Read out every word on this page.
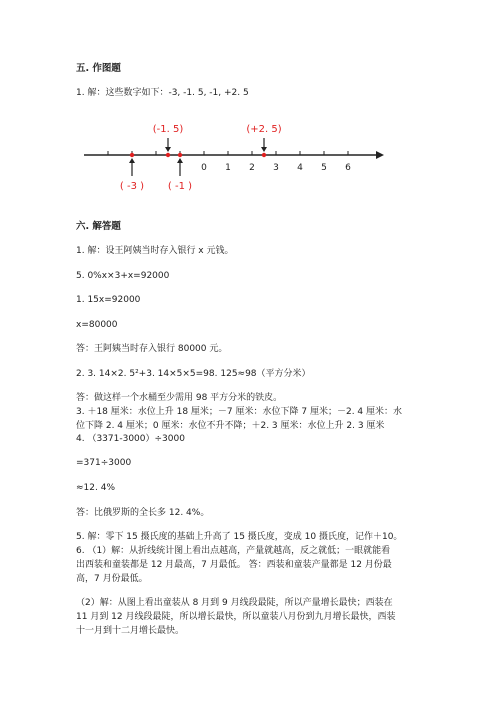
五. 作图题
1. 解：这些数字如下：-3, -1. 5, -1, +2. 5
0 1 2 3 4 5 6
(-1. 5)	(+2. 5)
( -3 ) ( -1 )
六. 解答题
1. 解：设王阿姨当时存入银行 x 元钱。
5. 0%x×3+x=92000
1. 15x=92000
x=80000
答：王阿姨当时存入银行 80000 元。
2. 3. 14×2. 5²+3. 14×5×5=98. 125≈98（平方分米）
答：做这样一个水桶至少需用 98 平方分米的铁皮。
3. ＋18 厘米：水位上升 18 厘米；－7 厘米：水位下降 7 厘米；－2. 4 厘米：水
位下降 2. 4 厘米；0 厘米：水位不升不降；＋2. 3 厘米：水位上升 2. 3 厘米
4. （3371-3000）÷3000
=371÷3000
≈12. 4%
答：比俄罗斯的全长多 12. 4%。
5. 解：零下 15 摄氏度的基础上升高了 15 摄氏度，变成 10 摄氏度，记作＋10。
6. （1）解：从折线统计图上看出点越高，产量就越高，反之就低；一眼就能看
出西装和童装都是 12 月最高，7 月最低。 答：西装和童装产量都是 12 月份最
高，7 月份最低。
（2）解：从图上看出童装从 8 月到 9 月线段最陡，所以产量增长最快；西装在
11 月到 12 月线段最陡，所以增长最快，所以童装八月份到九月增长最快，西装
十一月到十二月增长最快。
